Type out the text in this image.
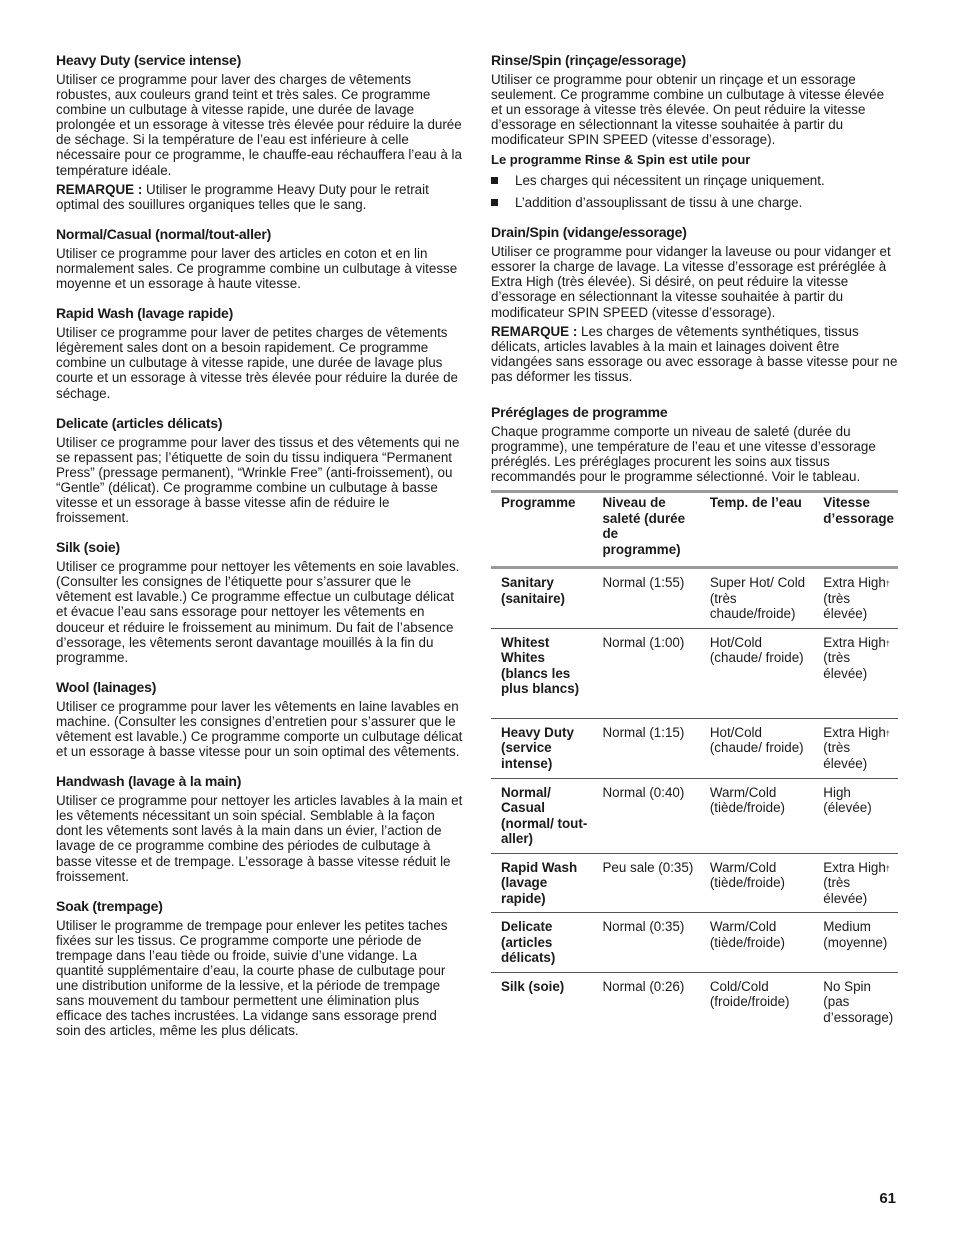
Heavy Duty (service intense)

Utiliser ce programme pour laver des charges de vêtements robustes, aux couleurs grand teint et très sales. Ce programme combine un culbutage à vitesse rapide, une durée de lavage prolongée et un essorage à vitesse très élevée pour réduire la durée de séchage. Si la température de l’eau est inférieure à celle nécessaire pour ce programme, le chauffe-eau réchauffera l’eau à la température idéale.

REMARQUE : Utiliser le programme Heavy Duty pour le retrait optimal des souillures organiques telles que le sang.

Normal/Casual (normal/tout-aller)

Utiliser ce programme pour laver des articles en coton et en lin normalement sales. Ce programme combine un culbutage à vitesse moyenne et un essorage à haute vitesse.

Rapid Wash (lavage rapide)

Utiliser ce programme pour laver de petites charges de vêtements légèrement sales dont on a besoin rapidement. Ce programme combine un culbutage à vitesse rapide, une durée de lavage plus courte et un essorage à vitesse très élevée pour réduire la durée de séchage.

Delicate (articles délicats)

Utiliser ce programme pour laver des tissus et des vêtements qui ne se repassent pas; l’étiquette de soin du tissu indiquera “Permanent Press” (pressage permanent), “Wrinkle Free” (anti-froissement), ou “Gentle” (délicat). Ce programme combine un culbutage à basse vitesse et un essorage à basse vitesse afin de réduire le froissement.

Silk (soie)

Utiliser ce programme pour nettoyer les vêtements en soie lavables. (Consulter les consignes de l’étiquette pour s’assurer que le vêtement est lavable.) Ce programme effectue un culbutage délicat et évacue l’eau sans essorage pour nettoyer les vêtements en douceur et réduire le froissement au minimum. Du fait de l’absence d’essorage, les vêtements seront davantage mouillés à la fin du programme.

Wool (lainages)

Utiliser ce programme pour laver les vêtements en laine lavables en machine. (Consulter les consignes d’entretien pour s’assurer que le vêtement est lavable.) Ce programme comporte un culbutage délicat et un essorage à basse vitesse pour un soin optimal des vêtements.

Handwash (lavage à la main)

Utiliser ce programme pour nettoyer les articles lavables à la main et les vêtements nécessitant un soin spécial. Semblable à la façon dont les vêtements sont lavés à la main dans un évier, l’action de lavage de ce programme combine des périodes de culbutage à basse vitesse et de trempage. L’essorage à basse vitesse réduit le froissement.

Soak (trempage)

Utiliser le programme de trempage pour enlever les petites taches fixées sur les tissus. Ce programme comporte une période de trempage dans l’eau tiède ou froide, suivie d’une vidange. La quantité supplémentaire d’eau, la courte phase de culbutage pour une distribution uniforme de la lessive, et la période de trempage sans mouvement du tambour permettent une élimination plus efficace des taches incrustées. La vidange sans essorage prend soin des articles, même les plus délicats.

Rinse/Spin (rinçage/essorage)

Utiliser ce programme pour obtenir un rinçage et un essorage seulement. Ce programme combine un culbutage à vitesse élevée et un essorage à vitesse très élevée. On peut réduire la vitesse d’essorage en sélectionnant la vitesse souhaitée à partir du modificateur SPIN SPEED (vitesse d’essorage).

Le programme Rinse & Spin est utile pour
Les charges qui nécessitent un rinçage uniquement.
L’addition d’assouplissant de tissu à une charge.
Drain/Spin (vidange/essorage)

Utiliser ce programme pour vidanger la laveuse ou pour vidanger et essorer la charge de lavage. La vitesse d’essorage est préréglée à Extra High (très élevée). Si désiré, on peut réduire la vitesse d’essorage en sélectionnant la vitesse souhaitée à partir du modificateur SPIN SPEED (vitesse d’essorage).

REMARQUE : Les charges de vêtements synthétiques, tissus délicats, articles lavables à la main et lainages doivent être vidangées sans essorage ou avec essorage à basse vitesse pour ne pas déformer les tissus.

Préréglages de programme

Chaque programme comporte un niveau de saleté (durée du programme), une température de l’eau et une vitesse d’essorage préréglés. Les préréglages procurent les soins aux tissus recommandés pour le programme sélectionné. Voir le tableau.

Programme	Niveau de saleté (durée de programme)	Temp. de l’eau	Vitesse d’essorage
Sanitary (sanitaire)	Normal (1:55)	Super Hot/ Cold (très chaude/froide)	Extra High† (très élevée)
Whitest Whites (blancs les plus blancs)	Normal (1:00)	Hot/Cold (chaude/ froide)	Extra High† (très élevée)
Heavy Duty (service intense)	Normal (1:15)	Hot/Cold (chaude/ froide)	Extra High† (très élevée)
Normal/ Casual (normal/ tout-aller)	Normal (0:40)	Warm/Cold (tiède/froide)	High (élevée)
Rapid Wash (lavage rapide)	Peu sale (0:35)	Warm/Cold (tiède/froide)	Extra High† (très élevée)
Delicate (articles délicats)	Normal (0:35)	Warm/Cold (tiède/froide)	Medium (moyenne)
Silk (soie)	Normal (0:26)	Cold/Cold (froide/froide)	No Spin (pas d’essorage)
61
